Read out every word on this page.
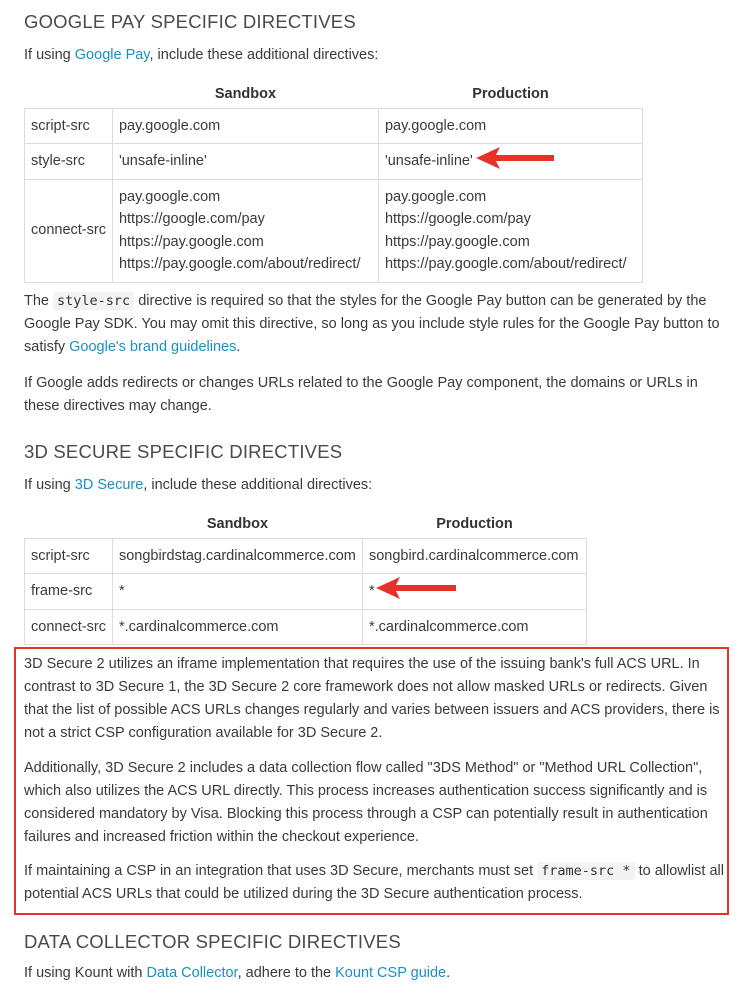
GOOGLE PAY SPECIFIC DIRECTIVES
If using Google Pay, include these additional directives:
	Sandbox	Production
script-src	pay.google.com	pay.google.com
style-src	'unsafe-inline'	'unsafe-inline'
connect-src	pay.google.com
https://google.com/pay
https://pay.google.com
https://pay.google.com/about/redirect/	pay.google.com
https://google.com/pay
https://pay.google.com
https://pay.google.com/about/redirect/
The style-src directive is required so that the styles for the Google Pay button can be generated by the Google Pay SDK. You may omit this directive, so long as you include style rules for the Google Pay button to satisfy Google's brand guidelines.
If Google adds redirects or changes URLs related to the Google Pay component, the domains or URLs in these directives may change.
3D SECURE SPECIFIC DIRECTIVES
If using 3D Secure, include these additional directives:
	Sandbox	Production
script-src	songbirdstag.cardinalcommerce.com	songbird.cardinalcommerce.com
frame-src	*	*
connect-src	*.cardinalcommerce.com	*.cardinalcommerce.com
3D Secure 2 utilizes an iframe implementation that requires the use of the issuing bank's full ACS URL. In contrast to 3D Secure 1, the 3D Secure 2 core framework does not allow masked URLs or redirects. Given that the list of possible ACS URLs changes regularly and varies between issuers and ACS providers, there is not a strict CSP configuration available for 3D Secure 2.
Additionally, 3D Secure 2 includes a data collection flow called "3DS Method" or "Method URL Collection", which also utilizes the ACS URL directly. This process increases authentication success significantly and is considered mandatory by Visa. Blocking this process through a CSP can potentially result in authentication failures and increased friction within the checkout experience.
If maintaining a CSP in an integration that uses 3D Secure, merchants must set frame-src * to allowlist all potential ACS URLs that could be utilized during the 3D Secure authentication process.
DATA COLLECTOR SPECIFIC DIRECTIVES
If using Kount with Data Collector, adhere to the Kount CSP guide.
